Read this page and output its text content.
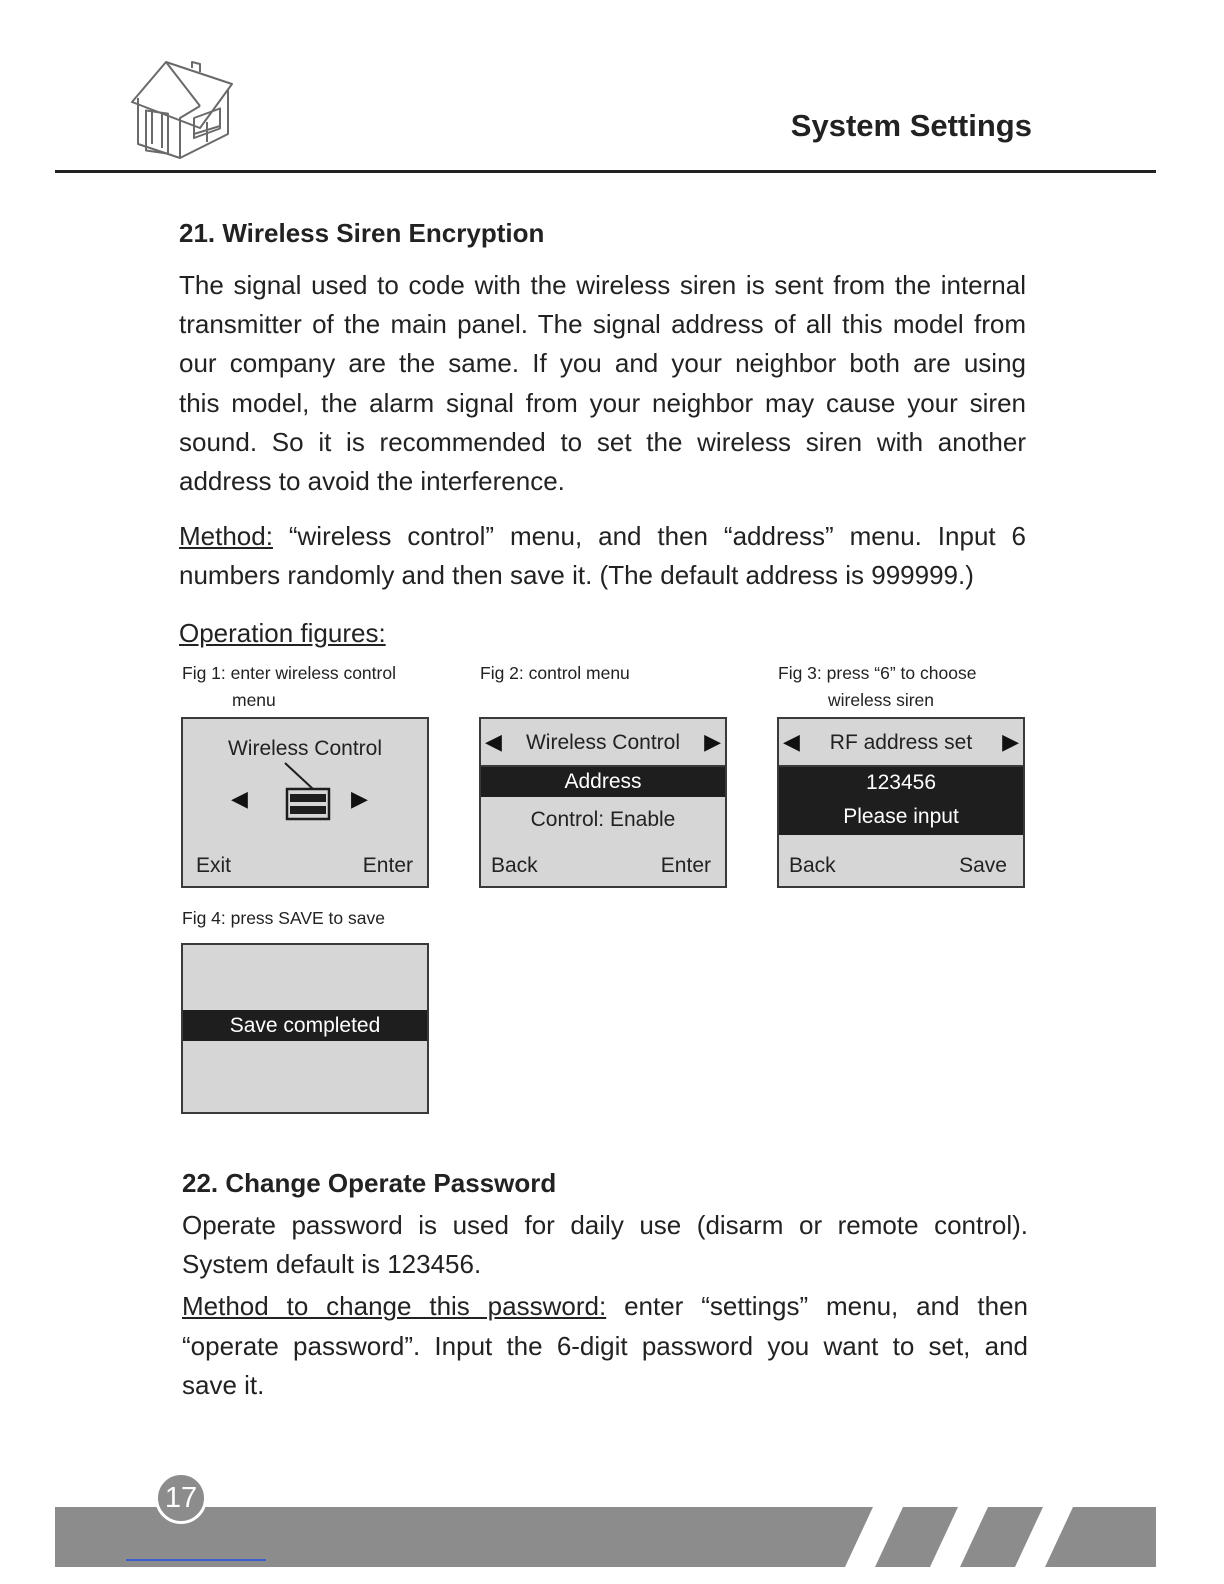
System Settings
21. Wireless Siren Encryption
The signal used to code with the wireless siren is sent from the internal
transmitter of the main panel. The signal address of all this model from
our company are the same. If you and your neighbor both are using
this model, the alarm signal from your neighbor may cause your siren
sound. So it is recommended to set the wireless siren with another
address to avoid the interference.
Method: “wireless control” menu, and then “address” menu. Input 6
numbers randomly and then save it. (The default address is 999999.)
Operation figures:
Fig 1: enter wireless control
menu
Wireless Control
◀	▶
Exit	Enter
Fig 2: control menu
◀	Wireless Control	▶
Address
Control: Enable
Back	Enter
Fig 3: press “6” to choose
wireless siren
◀	RF address set	▶
123456
Please input
Back	Save
Fig 4: press SAVE to save
Save completed
22. Change Operate Password
Operate password is used for daily use (disarm or remote control).
System default is 123456.
Method to change this password: enter “settings” menu, and then
“operate password”. Input the 6-digit password you want to set, and
save it.
17
